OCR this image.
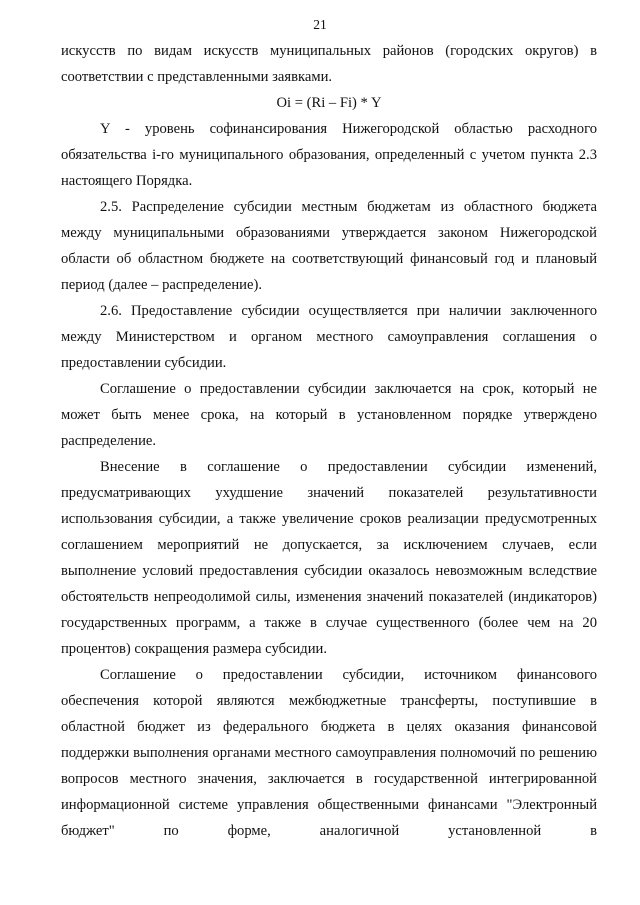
21

искусств по видам искусств муниципальных районов (городских округов) в соответствии с представленными заявками.

Oi = (Ri – Fi) * Y

Y - уровень софинансирования Нижегородской областью расходного обязательства i-го муниципального образования, определенный с учетом пункта 2.3 настоящего Порядка.

2.5. Распределение субсидии местным бюджетам из областного бюджета между муниципальными образованиями утверждается законом Нижегородской области об областном бюджете на соответствующий финансовый год и плановый период (далее – распределение).

2.6. Предоставление субсидии осуществляется при наличии заключенного между Министерством и органом местного самоуправления соглашения о предоставлении субсидии.

Соглашение о предоставлении субсидии заключается на срок, который не может быть менее срока, на который в установленном порядке утверждено распределение.

Внесение в соглашение о предоставлении субсидии изменений, предусматривающих ухудшение значений показателей результативности использования субсидии, а также увеличение сроков реализации предусмотренных соглашением мероприятий не допускается, за исключением случаев, если выполнение условий предоставления субсидии оказалось невозможным вследствие обстоятельств непреодолимой силы, изменения значений показателей (индикаторов) государственных программ, а также в случае существенного (более чем на 20 процентов) сокращения размера субсидии.

Соглашение о предоставлении субсидии, источником финансового обеспечения которой являются межбюджетные трансферты, поступившие в областной бюджет из федерального бюджета в целях оказания финансовой поддержки выполнения органами местного самоуправления полномочий по решению вопросов местного значения, заключается в государственной интегрированной информационной системе управления общественными финансами "Электронный бюджет" по форме, аналогичной установленной в
